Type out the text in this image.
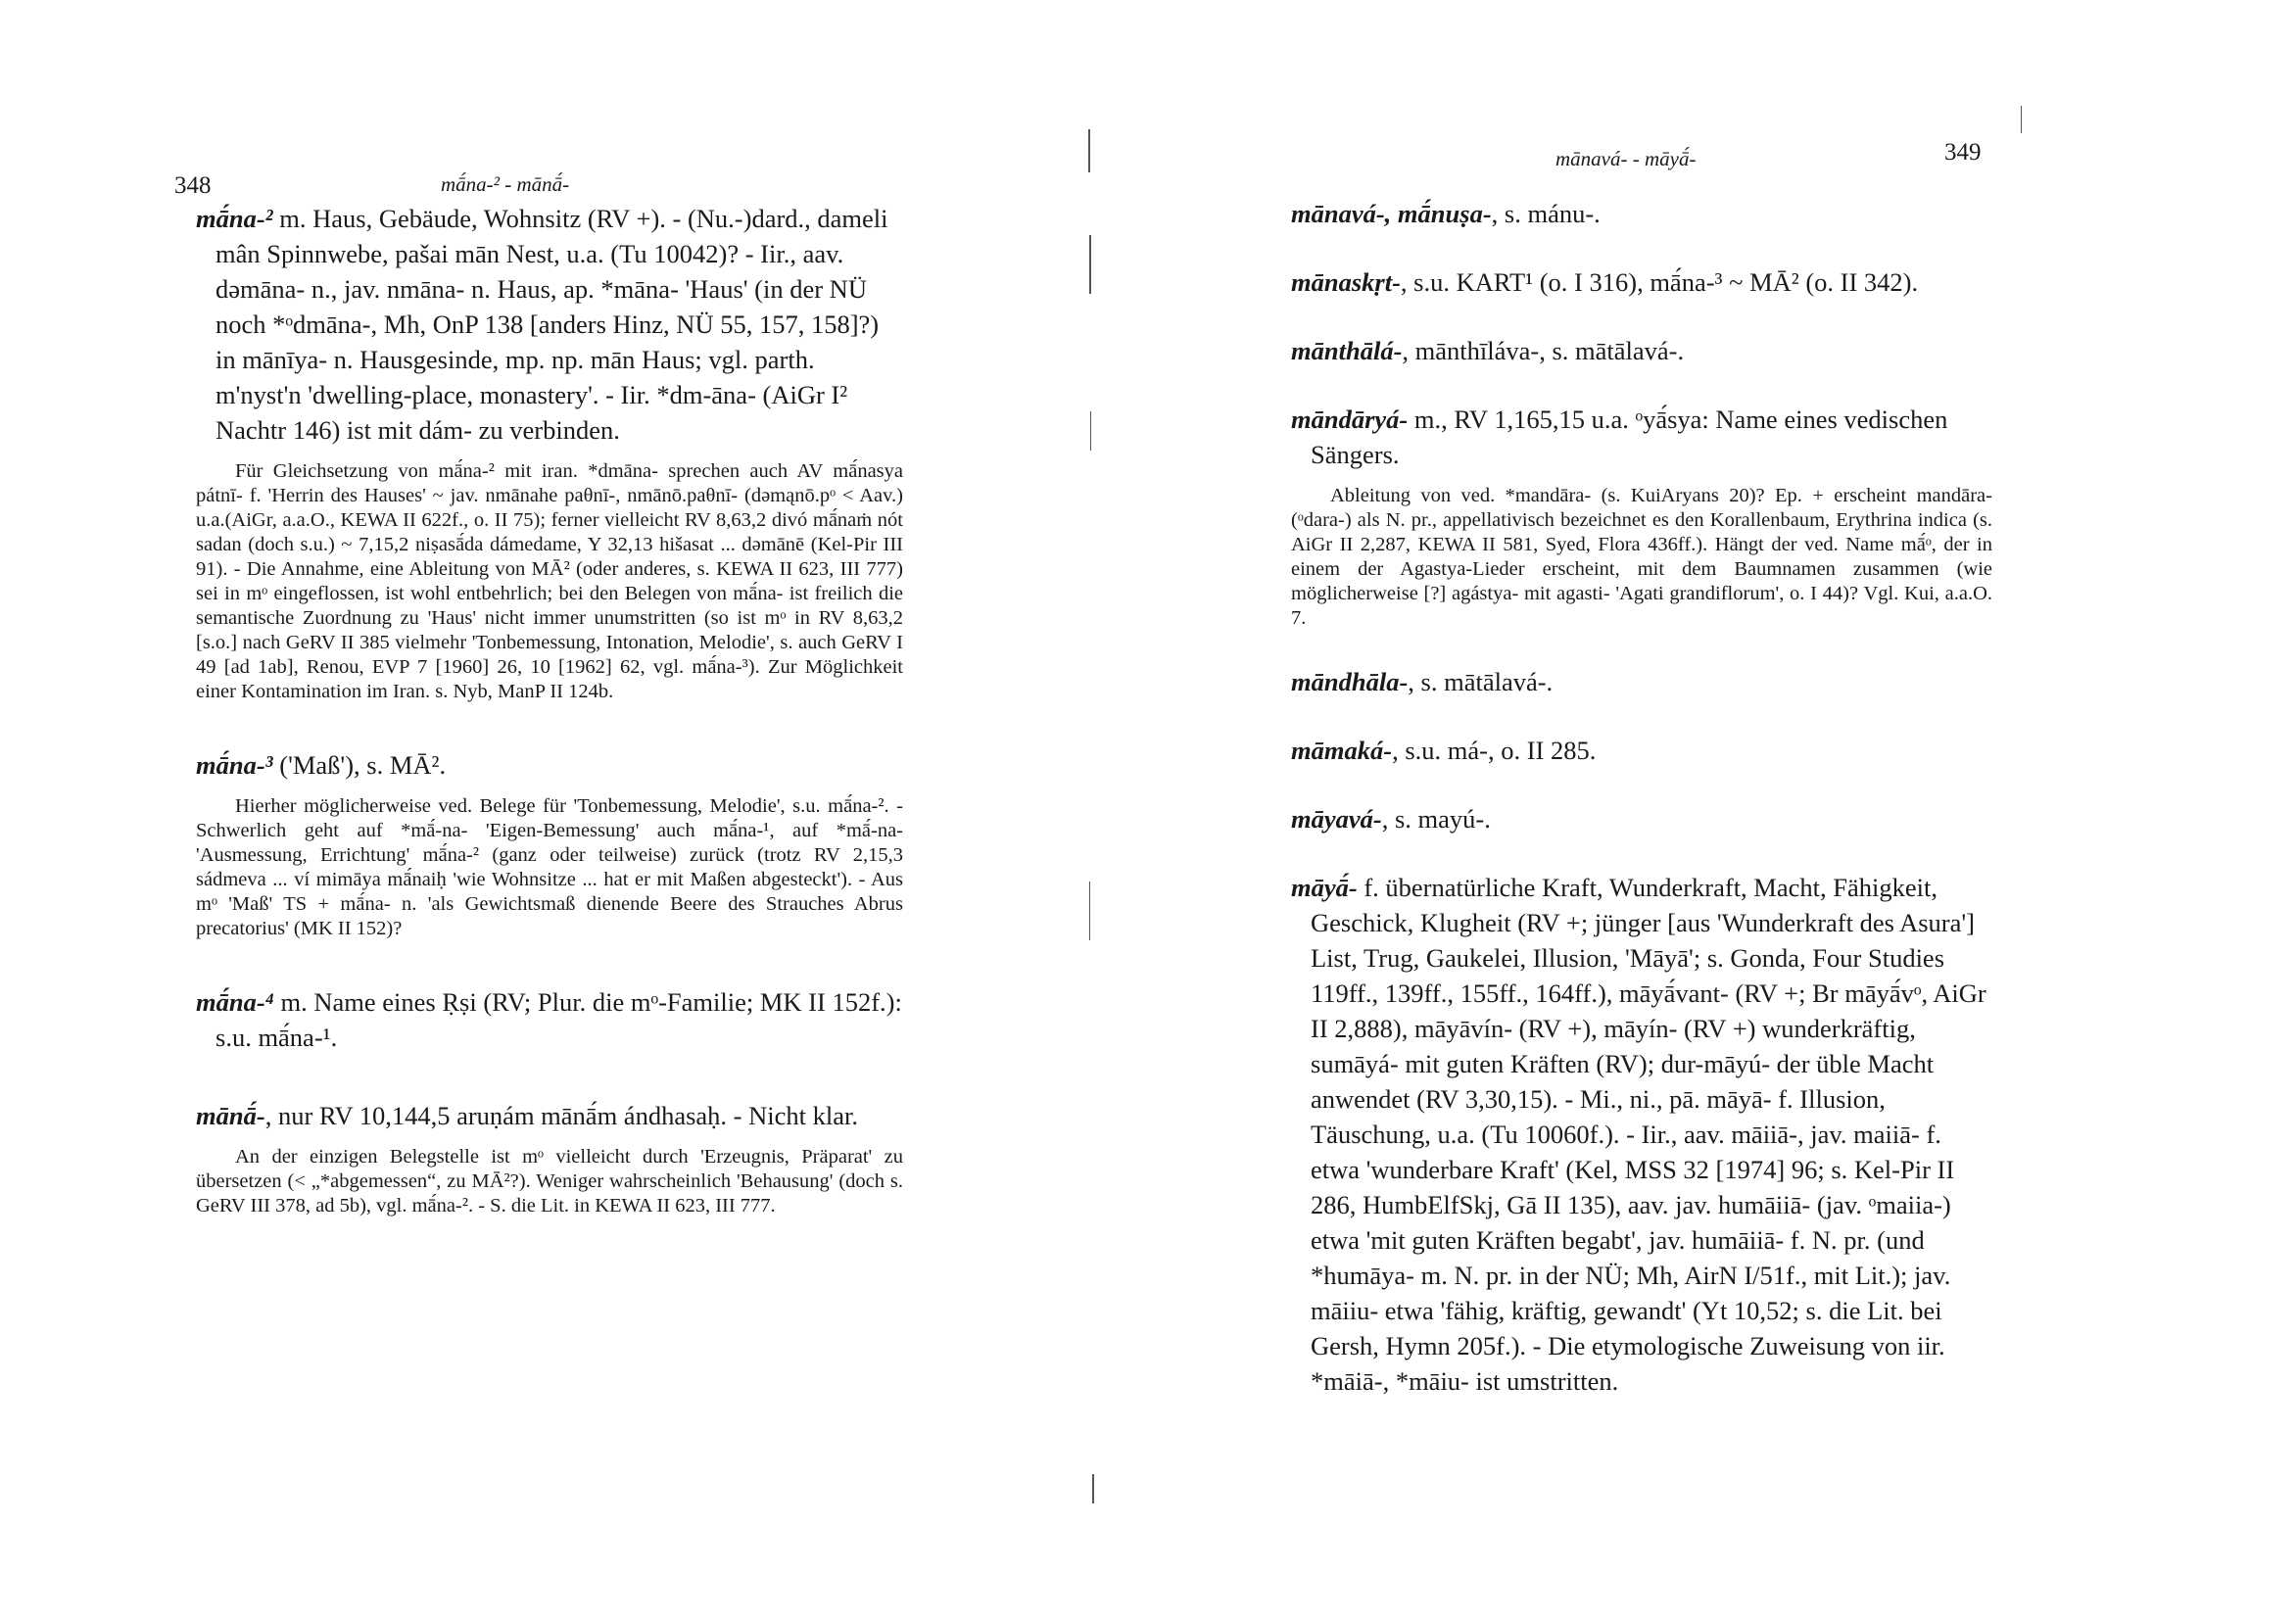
348	mā́na-² - mānā́-

mā́na-² m. Haus, Gebäude, Wohnsitz (RV +). - (Nu.-)dard., dameli mân Spinnwebe, pašai mān Nest, u.a. (Tu 10042)? - Iir., aav. dəmāna- n., jav. nmāna- n. Haus, ap. *māna- 'Haus' (in der NÜ noch *ᵒdmāna-, Mh, OnP 138 [anders Hinz, NÜ 55, 157, 158]?) in mānīya- n. Hausgesinde, mp. np. mān Haus; vgl. parth. m'nyst'n 'dwelling-place, monastery'. - Iir. *dm-āna- (AiGr I² Nachtr 146) ist mit dám- zu verbinden.

Für Gleichsetzung von mā́na-² mit iran. *dmāna- sprechen auch AV mā́nasya pátnī- f. 'Herrin des Hauses' ~ jav. nmānahe paθnī-, nmānō.paθnī- (dəmąnō.pᵒ < Aav.) u.a.(AiGr, a.a.O., KEWA II 622f., o. II 75); ferner vielleicht RV 8,63,2 divó mā́naṁ nót sadan (doch s.u.) ~ 7,15,2 niṣasā́da dámedame, Y 32,13 hišasat ... dəmānē (Kel-Pir III 91). - Die Annahme, eine Ableitung von MĀ² (oder anderes, s. KEWA II 623, III 777) sei in mᵒ eingeflossen, ist wohl entbehrlich; bei den Belegen von mā́na- ist freilich die semantische Zuordnung zu 'Haus' nicht immer unumstritten (so ist mᵒ in RV 8,63,2 [s.o.] nach GeRV II 385 vielmehr 'Tonbemessung, Intonation, Melodie', s. auch GeRV I 49 [ad 1ab], Renou, EVP 7 [1960] 26, 10 [1962] 62, vgl. mā́na-³). Zur Möglichkeit einer Kontamination im Iran. s. Nyb, ManP II 124b.

mā́na-³ ('Maß'), s. MĀ².

Hierher möglicherweise ved. Belege für 'Tonbemessung, Melodie', s.u. mā́na-². - Schwerlich geht auf *mā́-na- 'Eigen-Bemessung' auch mā́na-¹, auf *mā́-na- 'Ausmessung, Errichtung' mā́na-² (ganz oder teilweise) zurück (trotz RV 2,15,3 sádmeva ... ví mimāya mā́naiḥ 'wie Wohnsitze ... hat er mit Maßen abgesteckt'). - Aus mᵒ 'Maß' TS + mā́na- n. 'als Gewichtsmaß dienende Beere des Strauches Abrus precatorius' (MK II 152)?

mā́na-⁴ m. Name eines Ṛṣi (RV; Plur. die mᵒ-Familie; MK II 152f.): s.u. mā́na-¹.

mānā́-, nur RV 10,144,5 aruṇám mānā́m ándhasaḥ. - Nicht klar.

An der einzigen Belegstelle ist mᵒ vielleicht durch 'Erzeugnis, Präparat' zu übersetzen (< „*abgemessen“, zu MĀ²?). Weniger wahrscheinlich 'Behausung' (doch s. GeRV III 378, ad 5b), vgl. mā́na-². - S. die Lit. in KEWA II 623, III 777.

mānavá- - māyā́-	349

mānavá-, mā́nuṣa-, s. mánu-.

mānaskṛt-, s.u. KART¹ (o. I 316), mā́na-³ ~ MĀ² (o. II 342).

mānthālá-, mānthīláva-, s. mātālavá-.

māndāryá- m., RV 1,165,15 u.a. ᵒyā́sya: Name eines vedischen Sängers.

Ableitung von ved. *mandāra- (s. KuiAryans 20)? Ep. + erscheint mandāra- (ᵒdara-) als N. pr., appellativisch bezeichnet es den Korallenbaum, Erythrina indica (s. AiGr II 2,287, KEWA II 581, Syed, Flora 436ff.). Hängt der ved. Name mā́ᵒ, der in einem der Agastya-Lieder erscheint, mit dem Baumnamen zusammen (wie möglicherweise [?] agástya- mit agasti- 'Agati grandiflorum', o. I 44)? Vgl. Kui, a.a.O. 7.

māndhāla-, s. mātālavá-.

māmaká-, s.u. má-, o. II 285.

māyavá-, s. mayú-.

māyā́- f. übernatürliche Kraft, Wunderkraft, Macht, Fähigkeit, Geschick, Klugheit (RV +; jünger [aus 'Wunderkraft des Asura'] List, Trug, Gaukelei, Illusion, 'Māyā'; s. Gonda, Four Studies 119ff., 139ff., 155ff., 164ff.), māyā́vant- (RV +; Br māyā́vᵒ, AiGr II 2,888), māyāvín- (RV +), māyín- (RV +) wunderkräftig, sumāyá- mit guten Kräften (RV); dur-māyú- der üble Macht anwendet (RV 3,30,15). - Mi., ni., pā. māyā- f. Illusion, Täuschung, u.a. (Tu 10060f.). - Iir., aav. māiiā-, jav. maiiā- f. etwa 'wunderbare Kraft' (Kel, MSS 32 [1974] 96; s. Kel-Pir II 286, HumbElfSkj, Gā II 135), aav. jav. humāiiā- (jav. ᵒmaiia-) etwa 'mit guten Kräften begabt', jav. humāiiā- f. N. pr. (und *humāya- m. N. pr. in der NÜ; Mh, AirN I/51f., mit Lit.); jav. māiiu- etwa 'fähig, kräftig, gewandt' (Yt 10,52; s. die Lit. bei Gersh, Hymn 205f.). - Die etymologische Zuweisung von iir. *māiā-, *māiu- ist umstritten.
